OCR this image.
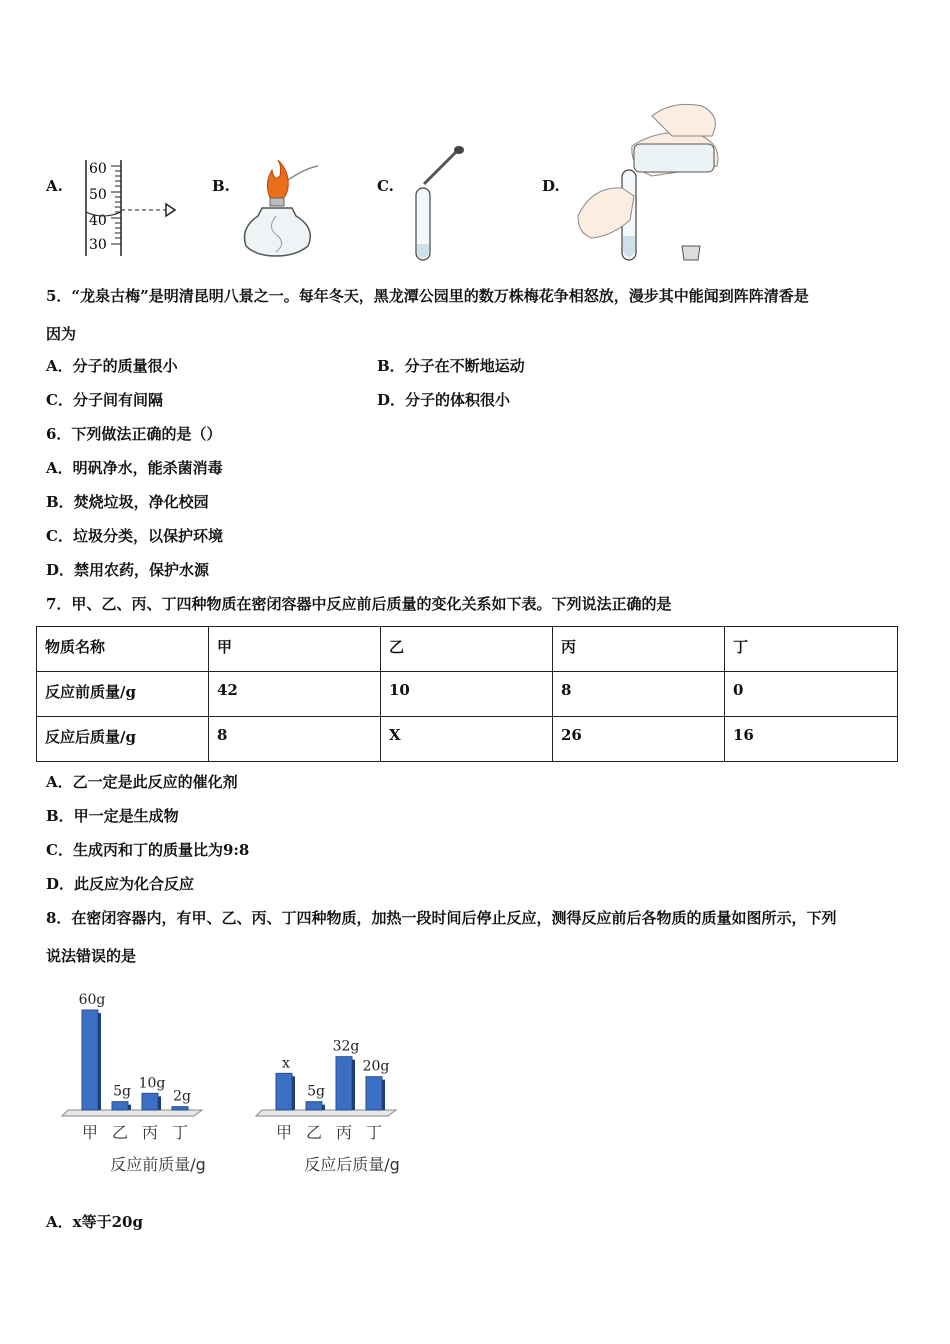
A.
60
50
40
30
B.	C.	D.
5．“龙泉古梅”是明清昆明八景之一。每年冬天，黑龙潭公园里的数万株梅花争相怒放，漫步其中能闻到阵阵清香是
因为
A．分子的质量很小	B．分子在不断地运动
C．分子间有间隔	D．分子的体积很小
6．下列做法正确的是（）
A．明矾净水，能杀菌消毒
B．焚烧垃圾，净化校园
C．垃圾分类，以保护环境
D．禁用农药，保护水源
7．甲、乙、丙、丁四种物质在密闭容器中反应前后质量的变化关系如下表。下列说法正确的是
物质名称	甲	乙	丙	丁
反应前质量/g	42	10	8	0
反应后质量/g	8	X	26	16
A．乙一定是此反应的催化剂
B．甲一定是生成物
C．生成丙和丁的质量比为9:8
D．此反应为化合反应
8．在密闭容器内，有甲、乙、丙、丁四种物质，加热一段时间后停止反应，测得反应前后各物质的质量如图所示，下列
说法错误的是
60g
甲
5g
乙
10g
丙
2g
丁
反应前质量/g
x
甲
5g
乙
32g
丙
20g
丁
反应后质量/g
A．x等于20g
